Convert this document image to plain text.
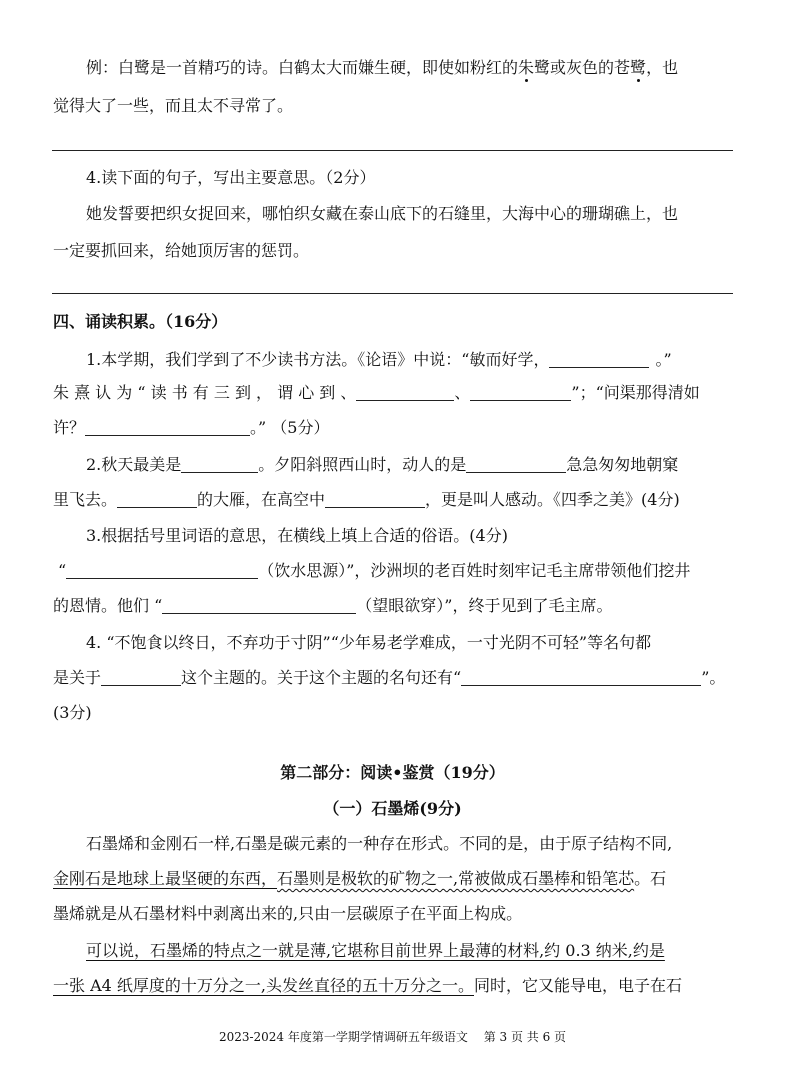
例：白鹭是一首精巧的诗。白鹤太大而嫌生硬，即使如粉红的朱鹭或灰色的苍鹭，也
觉得大了一些，而且太不寻常了。
4.读下面的句子，写出主要意思。（2分）
她发誓要把织女捉回来，哪怕织女藏在泰山底下的石缝里，大海中心的珊瑚礁上，也
一定要抓回来，给她顶厉害的惩罚。
四、诵读积累。（16分）
1.本学期，我们学到了不少读书方法。《论语》中说：“敏而好学，	。”
朱 熹 认 为 “ 读 书 有 三 到 ， 谓 心 到 、	、	”；“问渠那得清如
许？	。” （5分）
2.秋天最美是	。夕阳斜照西山时，动人的是	急急匆匆地朝窠
里飞去。	的大雁，在高空中	，更是叫人感动。《四季之美》(4分)
3.根据括号里词语的意思，在横线上填上合适的俗语。(4分)
“	（饮水思源）”，沙洲坝的老百姓时刻牢记毛主席带领他们挖井
的恩情。他们 “	（望眼欲穿）”，终于见到了毛主席。
4. “不饱食以终日，不弃功于寸阴”“少年易老学难成，一寸光阴不可轻”等名句都
是关于	这个主题的。关于这个主题的名句还有“	”。
(3分)
第二部分：阅读•鉴赏（19分）
（一）石墨烯(9分)
石墨烯和金刚石一样,石墨是碳元素的一种存在形式。不同的是，由于原子结构不同,
金刚石是地球上最坚硬的东西，石墨则是极软的矿物之一,常被做成石墨棒和铅笔芯。石
墨烯就是从石墨材料中剥离出来的,只由一层碳原子在平面上构成。
可以说，石墨烯的特点之一就是薄,它堪称目前世界上最薄的材料,约 0.3 纳米,约是
一张 A4 纸厚度的十万分之一,头发丝直径的五十万分之一。同时，它又能导电，电子在石
2023-2024 年度第一学期学情调研五年级语文　 第 3 页 共 6 页
